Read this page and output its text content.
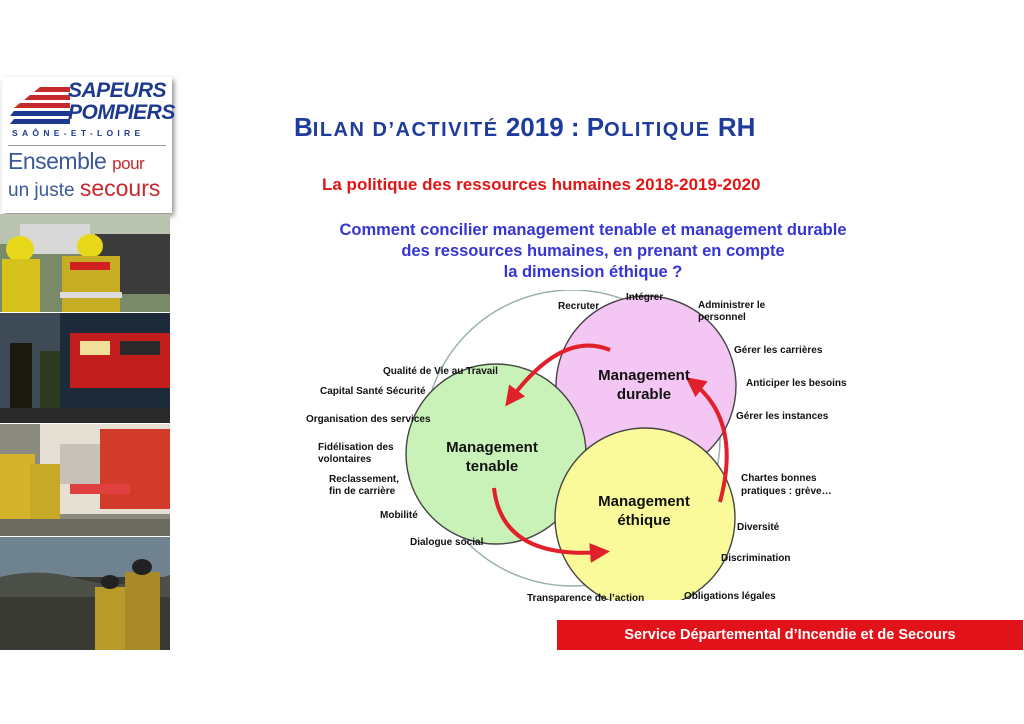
SAPEURS
POMPIERS
SAÔNE-ET-LOIRE
Ensemble pour
un juste secours
BILAN D’ACTIVITÉ 2019 : POLITIQUE RH
La politique des ressources humaines 2018-2019-2020
Comment concilier management tenable et management durable
des ressources humaines, en prenant en compte
la dimension éthique ?
Management
durable
Management
tenable
Management
éthique
Recruter
Intégrer
Administrer le
personnel
Gérer les carrières
Anticiper les besoins
Gérer les instances
Chartes bonnes
pratiques : grève…
Diversité
Discrimination
Qualité de Vie au Travail
Capital Santé Sécurité
Organisation des services
Fidélisation des
volontaires
Reclassement,
fin de carrière
Mobilité
Dialogue social
Transparence de l’action	Obligations légales
Service Départemental d’Incendie et de Secours
